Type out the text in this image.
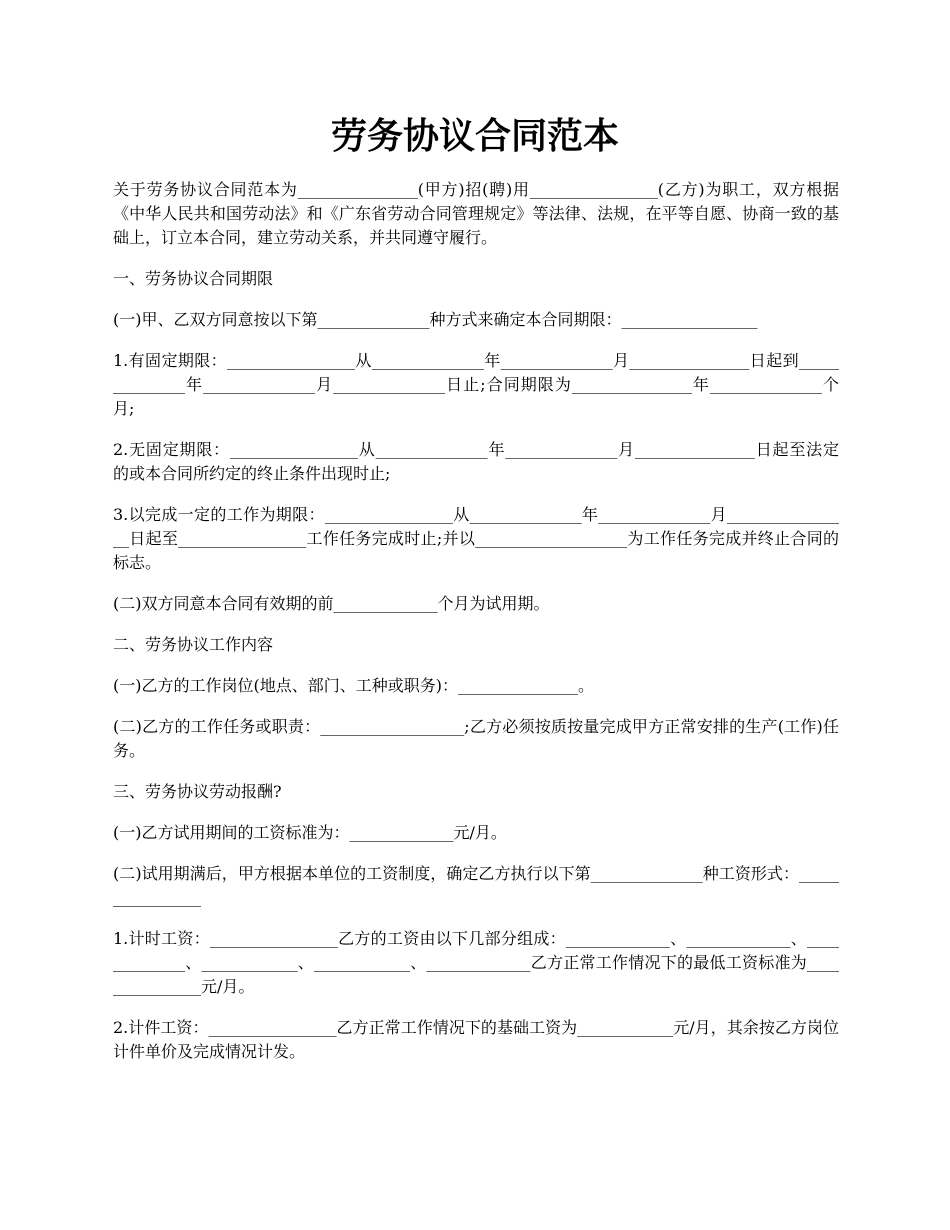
劳务协议合同范本

关于劳务协议合同范本为_______________(甲方)招(聘)用________________(乙方)为职工，双方根据《中华人民共和国劳动法》和《广东省劳动合同管理规定》等法律、法规，在平等自愿、协商一致的基础上，订立本合同，建立劳动关系，并共同遵守履行。

一、劳务协议合同期限

(一)甲、乙双方同意按以下第______________种方式来确定本合同期限：_________________

1.有固定期限：________________从______________年______________月_______________日起到______________年______________月______________日止;合同期限为_______________年______________个月;

2.无固定期限：________________从______________年______________月_______________日起至法定的或本合同所约定的终止条件出现时止;

3.以完成一定的工作为期限：________________从______________年______________月________________日起至________________工作任务完成时止;并以___________________为工作任务完成并终止合同的标志。

(二)双方同意本合同有效期的前_____________个月为试用期。

二、劳务协议工作内容

(一)乙方的工作岗位(地点、部门、工种或职务)：_______________。

(二)乙方的工作任务或职责：__________________;乙方必须按质按量完成甲方正常安排的生产(工作)任务。

三、劳务协议劳动报酬?

(一)乙方试用期间的工资标准为：_____________元/月。

(二)试用期满后，甲方根据本单位的工资制度，确定乙方执行以下第______________种工资形式：________________

1.计时工资：________________乙方的工资由以下几部分组成：_____________、_____________、_____________、____________、____________、_____________乙方正常工作情况下的最低工资标准为_______________元/月。

2.计件工资：________________乙方正常工作情况下的基础工资为____________元/月，其余按乙方岗位计件单价及完成情况计发。
